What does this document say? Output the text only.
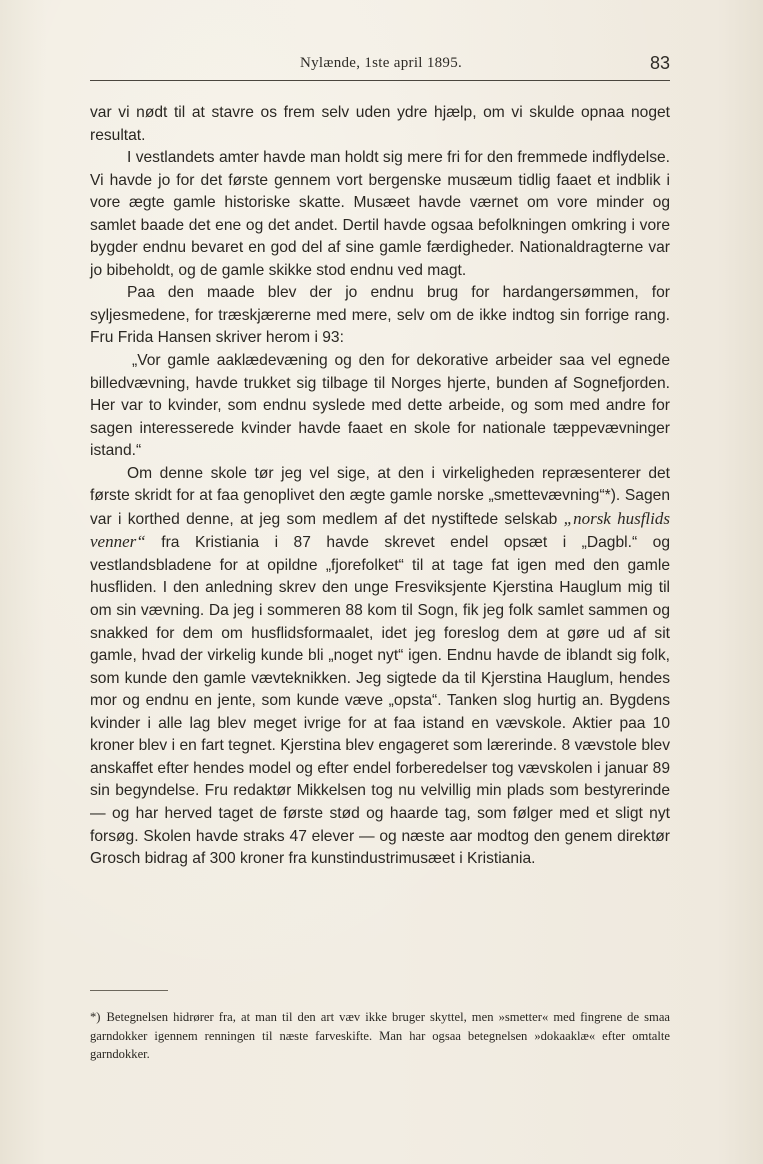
Nylænde, 1ste april 1895.	83

var vi nødt til at stavre os frem selv uden ydre hjælp, om vi skulde opnaa noget resultat.

I vestlandets amter havde man holdt sig mere fri for den fremmede indflydelse. Vi havde jo for det første gennem vort bergenske musæum tidlig faaet et indblik i vore ægte gamle historiske skatte. Musæet havde værnet om vore minder og samlet baade det ene og det andet. Dertil havde ogsaa befolkningen omkring i vore bygder endnu bevaret en god del af sine gamle færdigheder. Nationaldragterne var jo bibeholdt, og de gamle skikke stod endnu ved magt.

Paa den maade blev der jo endnu brug for hardangersømmen, for syljesmedene, for træskjærerne med mere, selv om de ikke indtog sin forrige rang. Fru Frida Hansen skriver herom i 93:

„Vor gamle aaklædevæning og den for dekorative arbeider saa vel egnede billedvævning, havde trukket sig tilbage til Norges hjerte, bunden af Sognefjorden. Her var to kvinder, som endnu syslede med dette arbeide, og som med andre for sagen interesserede kvinder havde faaet en skole for nationale tæppevævninger istand.“

Om denne skole tør jeg vel sige, at den i virkeligheden repræsenterer det første skridt for at faa genoplivet den ægte gamle norske „smettevævning“*). Sagen var i korthed denne, at jeg som medlem af det nystiftede selskab „norsk husflids venner“ fra Kristiania i 87 havde skrevet endel opsæt i „Dagbl.“ og vestlandsbladene for at opildne „fjorefolket“ til at tage fat igen med den gamle husfliden. I den anledning skrev den unge Fresviksjente Kjerstina Hauglum mig til om sin vævning. Da jeg i sommeren 88 kom til Sogn, fik jeg folk samlet sammen og snakked for dem om husflidsformaalet, idet jeg foreslog dem at gøre ud af sit gamle, hvad der virkelig kunde bli „noget nyt“ igen. Endnu havde de iblandt sig folk, som kunde den gamle vævteknikken. Jeg sigtede da til Kjerstina Hauglum, hendes mor og endnu en jente, som kunde væve „opsta“. Tanken slog hurtig an. Bygdens kvinder i alle lag blev meget ivrige for at faa istand en vævskole. Aktier paa 10 kroner blev i en fart tegnet. Kjerstina blev engageret som lærerinde. 8 vævstole blev anskaffet efter hendes model og efter endel forberedelser tog vævskolen i januar 89 sin begyndelse. Fru redaktør Mikkelsen tog nu velvillig min plads som bestyrerinde — og har herved taget de første stød og haarde tag, som følger med et sligt nyt forsøg. Skolen havde straks 47 elever — og næste aar modtog den genem direktør Grosch bidrag af 300 kroner fra kunstindustrimusæet i Kristiania.

*) Betegnelsen hidrører fra, at man til den art væv ikke bruger skyttel, men »smetter« med fingrene de smaa garndokker igennem renningen til næste farveskifte. Man har ogsaa betegnelsen »dokaaklæ« efter omtalte garndokker.
